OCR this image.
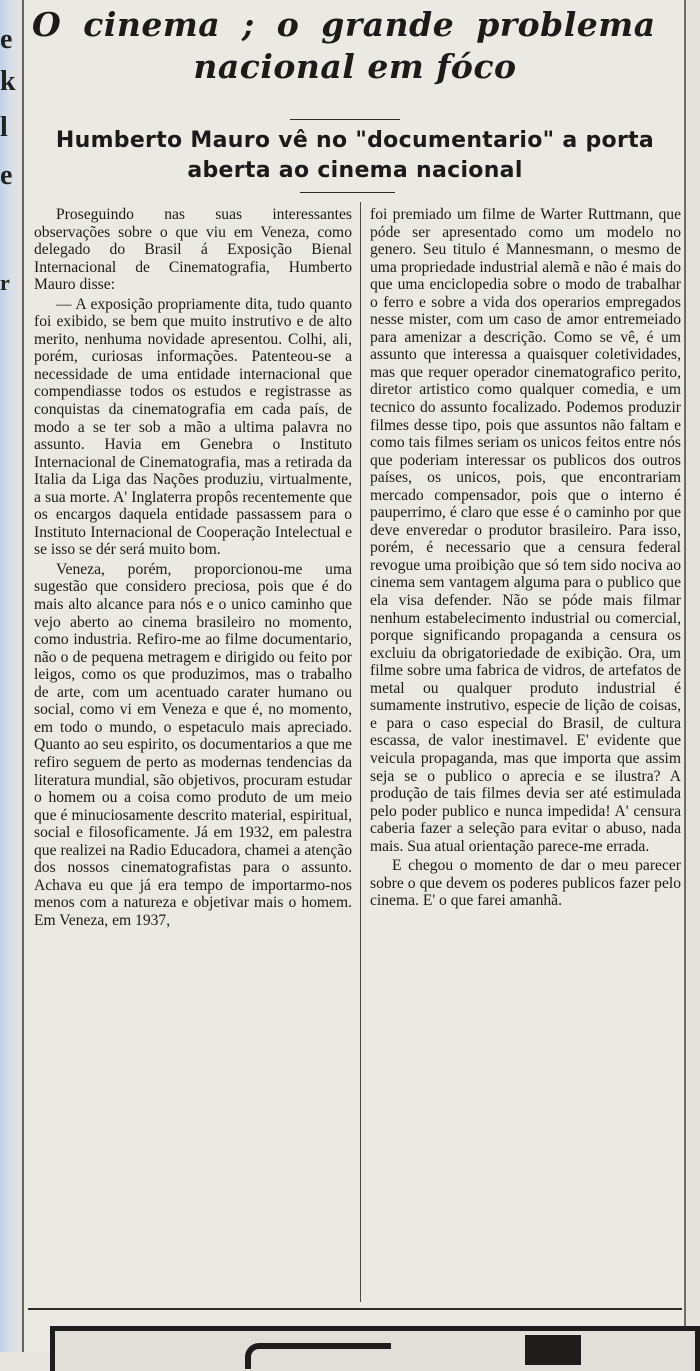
e
k
l
e
r
O cinema ; o grande problema
nacional em fóco
Humberto Mauro vê no "documentario" a porta
aberta ao cinema nacional

Proseguindo nas suas interessantes observações sobre o que viu em Veneza, como delegado do Brasil á Exposição Bienal Internacional de Cinematografia, Humberto Mauro disse:

— A exposição propriamente dita, tudo quanto foi exibido, se bem que muito instrutivo e de alto merito, nenhuma novidade apresentou. Colhi, ali, porém, curiosas informações. Patenteou-se a necessidade de uma entidade internacional que compendiasse todos os estudos e registrasse as conquistas da cinematografia em cada país, de modo a se ter sob a mão a ultima palavra no assunto. Havia em Genebra o Instituto Internacional de Cinematografia, mas a retirada da Italia da Liga das Nações produziu, virtualmente, a sua morte. A' Inglaterra propôs recentemente que os encargos daquela entidade passassem para o Instituto Internacional de Cooperação Intelectual e se isso se dér será muito bom.

Veneza, porém, proporcionou-me uma sugestão que considero preciosa, pois que é do mais alto alcance para nós e o unico caminho que vejo aberto ao cinema brasileiro no momento, como industria. Refiro-me ao filme documentario, não o de pequena metragem e dirigido ou feito por leigos, como os que produzimos, mas o trabalho de arte, com um acentuado carater humano ou social, como vi em Veneza e que é, no momento, em todo o mundo, o espetaculo mais apreciado. Quanto ao seu espirito, os documentarios a que me refiro seguem de perto as modernas tendencias da literatura mundial, são objetivos, procuram estudar o homem ou a coisa como produto de um meio que é minuciosamente descrito material, espiritual, social e filosoficamente. Já em 1932, em palestra que realizei na Radio Educadora, chamei a atenção dos nossos cinematografistas para o assunto. Achava eu que já era tempo de importarmo-nos menos com a natureza e objetivar mais o homem. Em Veneza, em 1937,

foi premiado um filme de Warter Ruttmann, que póde ser apresentado como um modelo no genero. Seu titulo é Mannesmann, o mesmo de uma propriedade industrial alemã e não é mais do que uma enciclopedia sobre o modo de trabalhar o ferro e sobre a vida dos operarios empregados nesse mister, com um caso de amor entremeiado para amenizar a descrição. Como se vê, é um assunto que interessa a quaisquer coletividades, mas que requer operador cinematografico perito, diretor artistico como qualquer comedia, e um tecnico do assunto focalizado. Podemos produzir filmes desse tipo, pois que assuntos não faltam e como tais filmes seriam os unicos feitos entre nós que poderiam interessar os publicos dos outros países, os unicos, pois, que encontrariam mercado compensador, pois que o interno é pauperrimo, é claro que esse é o caminho por que deve enveredar o produtor brasileiro. Para isso, porém, é necessario que a censura federal revogue uma proibição que só tem sido nociva ao cinema sem vantagem alguma para o publico que ela visa defender. Não se póde mais filmar nenhum estabelecimento industrial ou comercial, porque significando propaganda a censura os excluiu da obrigatoriedade de exibição. Ora, um filme sobre uma fabrica de vidros, de artefatos de metal ou qualquer produto industrial é sumamente instrutivo, especie de lição de coisas, e para o caso especial do Brasil, de cultura escassa, de valor inestimavel. E' evidente que veicula propaganda, mas que importa que assim seja se o publico o aprecia e se ilustra? A produção de tais filmes devia ser até estimulada pelo poder publico e nunca impedida! A' censura caberia fazer a seleção para evitar o abuso, nada mais. Sua atual orientação parece-me errada.

E chegou o momento de dar o meu parecer sobre o que devem os poderes publicos fazer pelo cinema. E' o que farei amanhã.
